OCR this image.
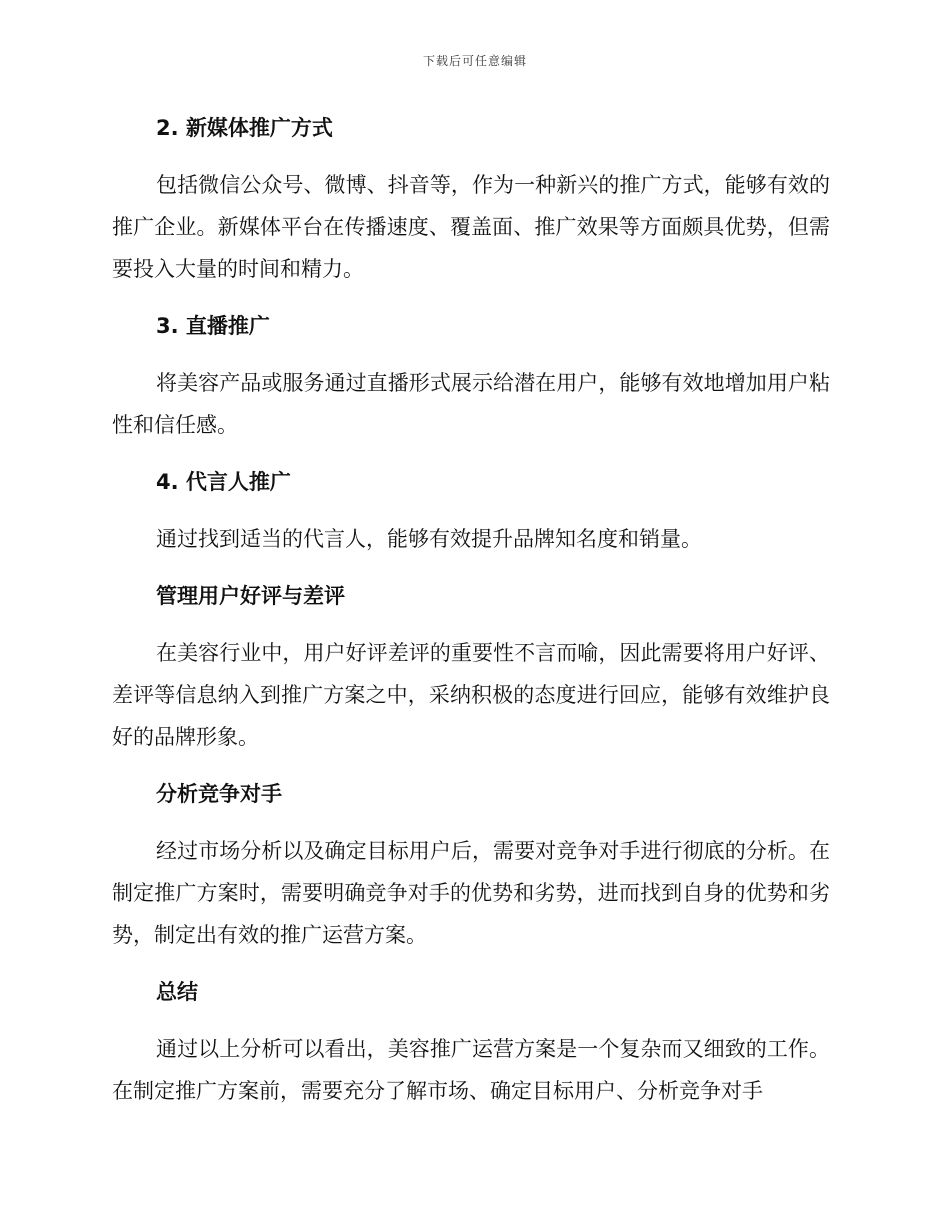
下载后可任意编辑
2. 新媒体推广方式

包括微信公众号、微博、抖音等，作为一种新兴的推广方式，能够有效的推广企业。新媒体平台在传播速度、覆盖面、推广效果等方面颇具优势，但需要投入大量的时间和精力。

3. 直播推广

将美容产品或服务通过直播形式展示给潜在用户，能够有效地增加用户粘性和信任感。

4. 代言人推广

通过找到适当的代言人，能够有效提升品牌知名度和销量。

管理用户好评与差评

在美容行业中，用户好评差评的重要性不言而喻，因此需要将用户好评、差评等信息纳入到推广方案之中，采纳积极的态度进行回应，能够有效维护良好的品牌形象。

分析竞争对手

经过市场分析以及确定目标用户后，需要对竞争对手进行彻底的分析。在制定推广方案时，需要明确竞争对手的优势和劣势，进而找到自身的优势和劣势，制定出有效的推广运营方案。

总结

通过以上分析可以看出，美容推广运营方案是一个复杂而又细致的工作。在制定推广方案前，需要充分了解市场、确定目标用户、分析竞争对手
